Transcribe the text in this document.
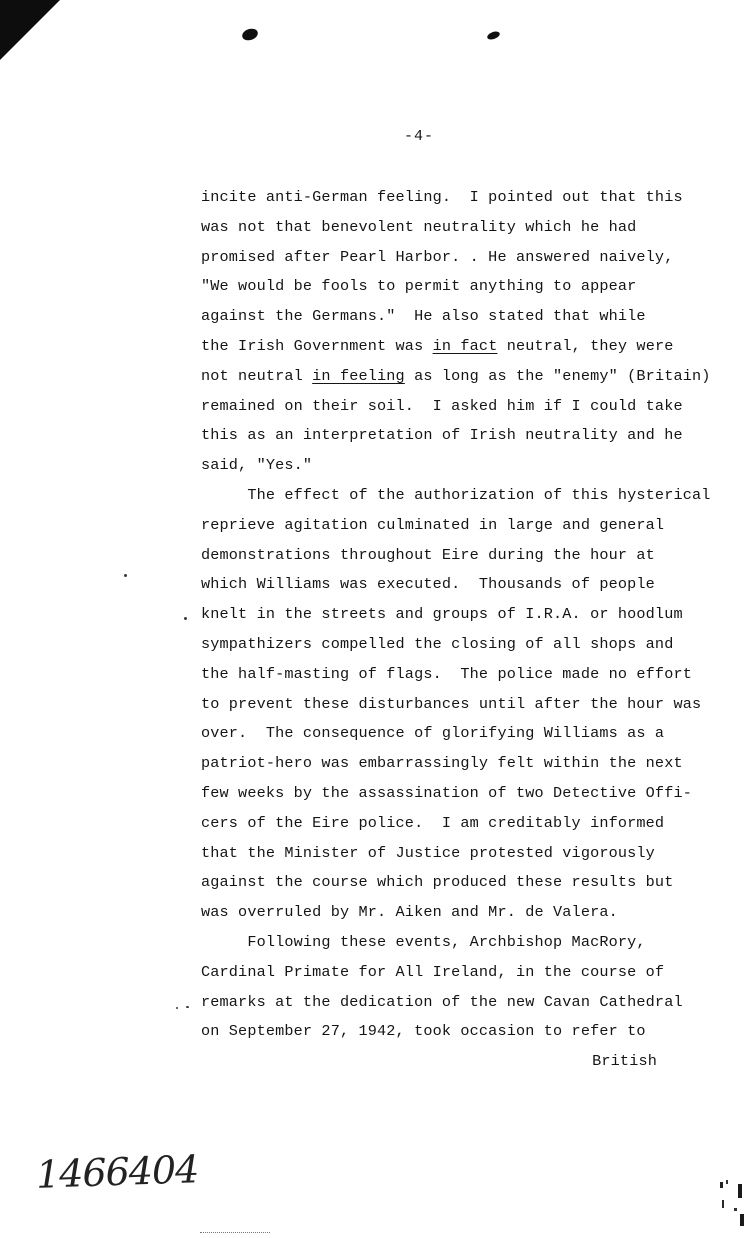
-4-
incite anti-German feeling.  I pointed out that this
was not that benevolent neutrality which he had
promised after Pearl Harbor. . He answered naively,
"We would be fools to permit anything to appear
against the Germans."  He also stated that while
the Irish Government was in fact neutral, they were
not neutral in feeling as long as the "enemy" (Britain)
remained on their soil.  I asked him if I could take
this as an interpretation of Irish neutrality and he
said, "Yes."
The effect of the authorization of this hysterical
reprieve agitation culminated in large and general
demonstrations throughout Eire during the hour at
which Williams was executed.  Thousands of people
knelt in the streets and groups of I.R.A. or hoodlum
sympathizers compelled the closing of all shops and
the half-masting of flags.  The police made no effort
to prevent these disturbances until after the hour was
over.  The consequence of glorifying Williams as a
patriot-hero was embarrassingly felt within the next
few weeks by the assassination of two Detective Offi-
cers of the Eire police.  I am creditably informed
that the Minister of Justice protested vigorously
against the course which produced these results but
was overruled by Mr. Aiken and Mr. de Valera.
Following these events, Archbishop MacRory,
Cardinal Primate for All Ireland, in the course of
remarks at the dedication of the new Cavan Cathedral
on September 27, 1942, took occasion to refer to
British
1466404
